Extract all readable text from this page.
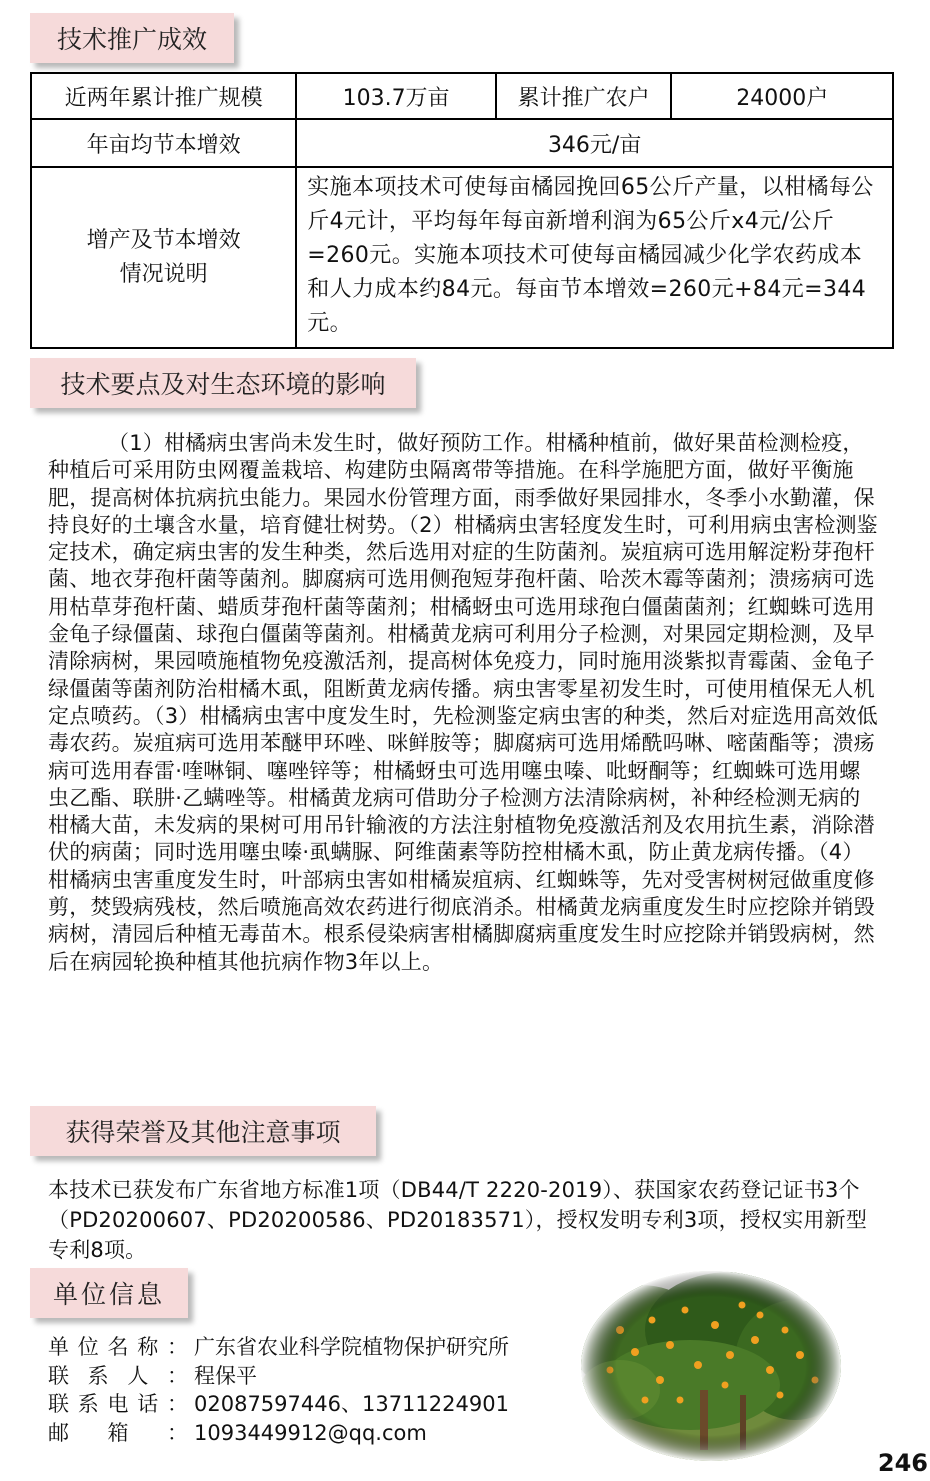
技术推广成效
近两年累计推广规模	103.7万亩	累计推广农户	24000户
年亩均节本增效	346元/亩		

增产及节本增效
情况说明	实施本项技术可使每亩橘园挽回65公斤产量，以柑橘每公斤4元计，平均每年每亩新增利润为65公斤x4元/公斤=260元。实施本项技术可使每亩橘园减少化学农药成本和人力成本约84元。每亩节本增效=260元+84元=344元。		
技术要点及对生态环境的影响

（1）柑橘病虫害尚未发生时，做好预防工作。柑橘种植前，做好果苗检测检疫，种植后可采用防虫网覆盖栽培、构建防虫隔离带等措施。在科学施肥方面，做好平衡施肥，提高树体抗病抗虫能力。果园水份管理方面，雨季做好果园排水，冬季小水勤灌，保持良好的土壤含水量，培育健壮树势。（2）柑橘病虫害轻度发生时，可利用病虫害检测鉴定技术，确定病虫害的发生种类，然后选用对症的生防菌剂。炭疽病可选用解淀粉芽孢杆菌、地衣芽孢杆菌等菌剂。脚腐病可选用侧孢短芽孢杆菌、哈茨木霉等菌剂；溃疡病可选用枯草芽孢杆菌、蜡质芽孢杆菌等菌剂；柑橘蚜虫可选用球孢白僵菌菌剂；红蜘蛛可选用金龟子绿僵菌、球孢白僵菌等菌剂。柑橘黄龙病可利用分子检测，对果园定期检测，及早清除病树，果园喷施植物免疫激活剂，提高树体免疫力，同时施用淡紫拟青霉菌、金龟子绿僵菌等菌剂防治柑橘木虱，阻断黄龙病传播。病虫害零星初发生时，可使用植保无人机定点喷药。（3）柑橘病虫害中度发生时，先检测鉴定病虫害的种类，然后对症选用高效低毒农药。炭疽病可选用苯醚甲环唑、咪鲜胺等；脚腐病可选用烯酰吗啉、嘧菌酯等；溃疡病可选用春雷·喹啉铜、噻唑锌等；柑橘蚜虫可选用噻虫嗪、吡蚜酮等；红蜘蛛可选用螺虫乙酯、联肼·乙螨唑等。柑橘黄龙病可借助分子检测方法清除病树，补种经检测无病的柑橘大苗，未发病的果树可用吊针输液的方法注射植物免疫激活剂及农用抗生素，消除潜伏的病菌；同时选用噻虫嗪·虱螨脲、阿维菌素等防控柑橘木虱，防止黄龙病传播。（4）柑橘病虫害重度发生时，叶部病虫害如柑橘炭疽病、红蜘蛛等，先对受害树树冠做重度修剪，焚毁病残枝，然后喷施高效农药进行彻底消杀。柑橘黄龙病重度发生时应挖除并销毁病树，清园后种植无毒苗木。根系侵染病害柑橘脚腐病重度发生时应挖除并销毁病树，然后在病园轮换种植其他抗病作物3年以上。

获得荣誉及其他注意事项

本技术已获发布广东省地方标准1项（DB44/T 2220-2019）、获国家农药登记证书3个（PD20200607、PD20200586、PD20183571），授权发明专利3项，授权实用新型专利8项。

单位信息
单 位 名 称 ： 广东省农业科学院植物保护研究所
联 系 人 ： 程保平
联 系 电 话 ： 02087597446、13711224901
邮 箱 ： 1093449912@qq.com
246
